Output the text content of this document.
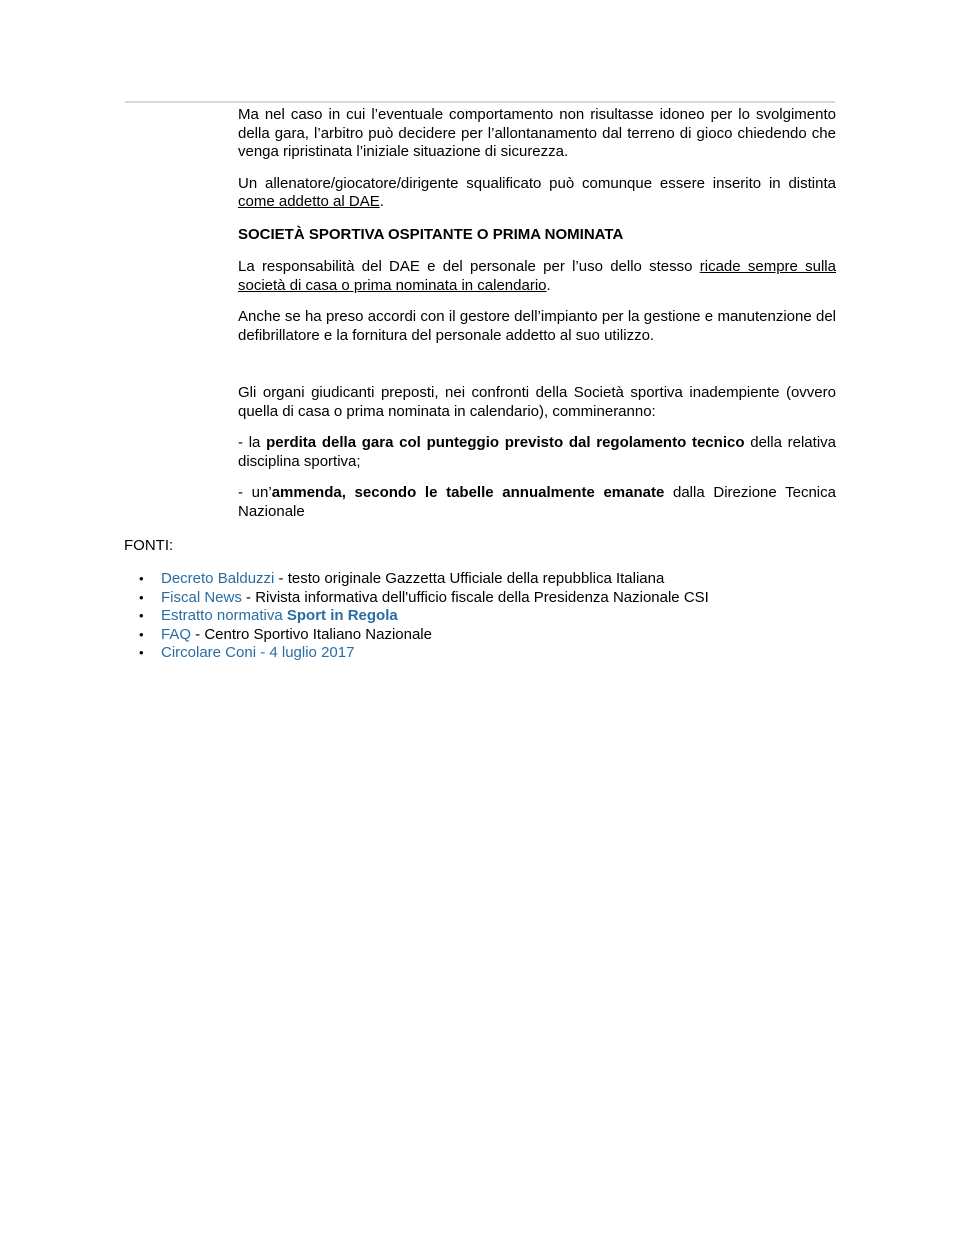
Ma nel caso in cui l’eventuale comportamento non risultasse idoneo per lo svolgimento della gara, l’arbitro può decidere per l’allontanamento dal terreno di gioco chiedendo che venga ripristinata l’iniziale situazione di sicurezza.

Un allenatore/giocatore/dirigente squalificato può comunque essere inserito in distinta come addetto al DAE.

SOCIETÀ SPORTIVA OSPITANTE O PRIMA NOMINATA

La responsabilità del DAE e del personale per l’uso dello stesso ricade sempre sulla società di casa o prima nominata in calendario.

Anche se ha preso accordi con il gestore dell’impianto per la gestione e manutenzione del defibrillatore e la fornitura del personale addetto al suo utilizzo.

Gli organi giudicanti preposti, nei confronti della Società sportiva inadempiente (ovvero quella di casa o prima nominata in calendario), commineranno:

- la perdita della gara col punteggio previsto dal regolamento tecnico della relativa disciplina sportiva;

- un’ammenda, secondo le tabelle annualmente emanate dalla Direzione Tecnica Nazionale

FONTI:
• Decreto Balduzzi - testo originale Gazzetta Ufficiale della repubblica Italiana
• Fiscal News - Rivista informativa dell'ufficio fiscale della Presidenza Nazionale CSI
• Estratto normativa Sport in Regola
• FAQ - Centro Sportivo Italiano Nazionale
• Circolare Coni - 4 luglio 2017
